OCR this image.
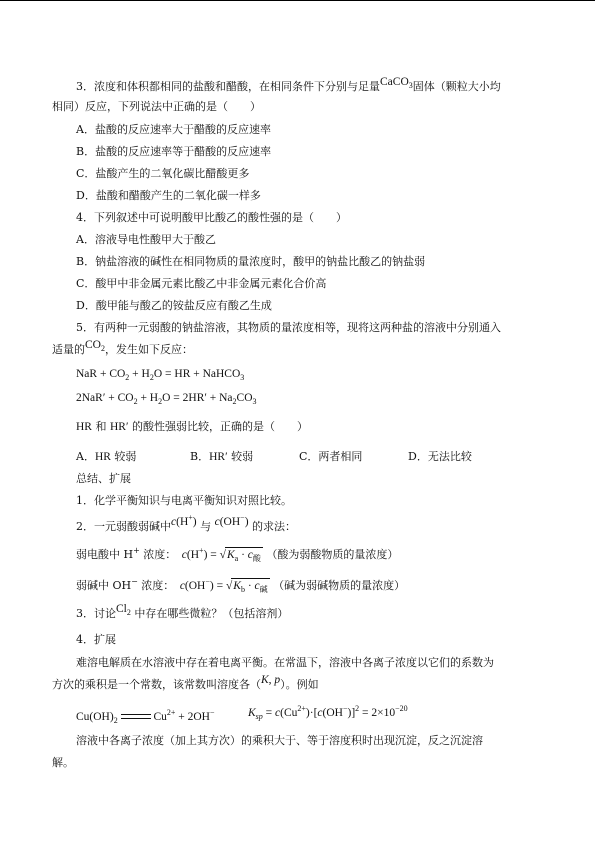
3．浓度和体积都相同的盐酸和醋酸，在相同条件下分别与足量CaCO$_3$固体（颗粒大小均
相同）反应，下列说法中正确的是（　　）
A．盐酸的反应速率大于醋酸的反应速率
B．盐酸的反应速率等于醋酸的反应速率
C．盐酸产生的二氧化碳比醋酸更多
D．盐酸和醋酸产生的二氧化碳一样多
4．下列叙述中可说明酸甲比酸乙的酸性强的是（　　）
A．溶液导电性酸甲大于酸乙
B．钠盐溶液的碱性在相同物质的量浓度时，酸甲的钠盐比酸乙的钠盐弱
C．酸甲中非金属元素比酸乙中非金属元素化合价高
D．酸甲能与酸乙的铵盐反应有酸乙生成
5．有两种一元弱酸的钠盐溶液，其物质的量浓度相等，现将这两种盐的溶液中分别通入
适量的$CO_2$，发生如下反应：
NaR + $CO_2 + H_2O$ = HR + NaHCO$_3$
$2NaR' + CO_2 + H_2O = 2HR' + Na_2CO_3$
HR 和 HR′ 的酸性强弱比较，正确的是（　　）
A．HR 较弱	B．HR′ 较弱	C．两者相同	D．无法比较
总结、扩展
1．化学平衡知识与电离平衡知识对照比较。
2．一元弱酸弱碱中c(H+) 与 c(OH−) 的求法：
弱电酸中 H+ 浓度： $c(H^+) = √K_a \cdot c_酸$ （酸为弱酸物质的量浓度）
弱碱中 OH− 浓度： $c(OH^-) = √K_b \cdot c_碱$ （碱为弱碱物质的量浓度）
3．讨论$Cl_2$ 中存在哪些微粒？（包括溶剂）
4．扩展
难溶电解质在水溶液中存在着电离平衡。在常温下，溶液中各离子浓度以它们的系数为
方次的乘积是一个常数，该常数叫溶度各（K, p）。例如
$Cu(OH)_2$	$Cu^{2+} + 2OH^-$	$K_{sp} = c(Cu^{2+})\cdot[c(OH^-)]^2 = 2\times 10^{-20}$
溶液中各离子浓度（加上其方次）的乘积大于、等于溶度积时出现沉淀，反之沉淀溶
解。
